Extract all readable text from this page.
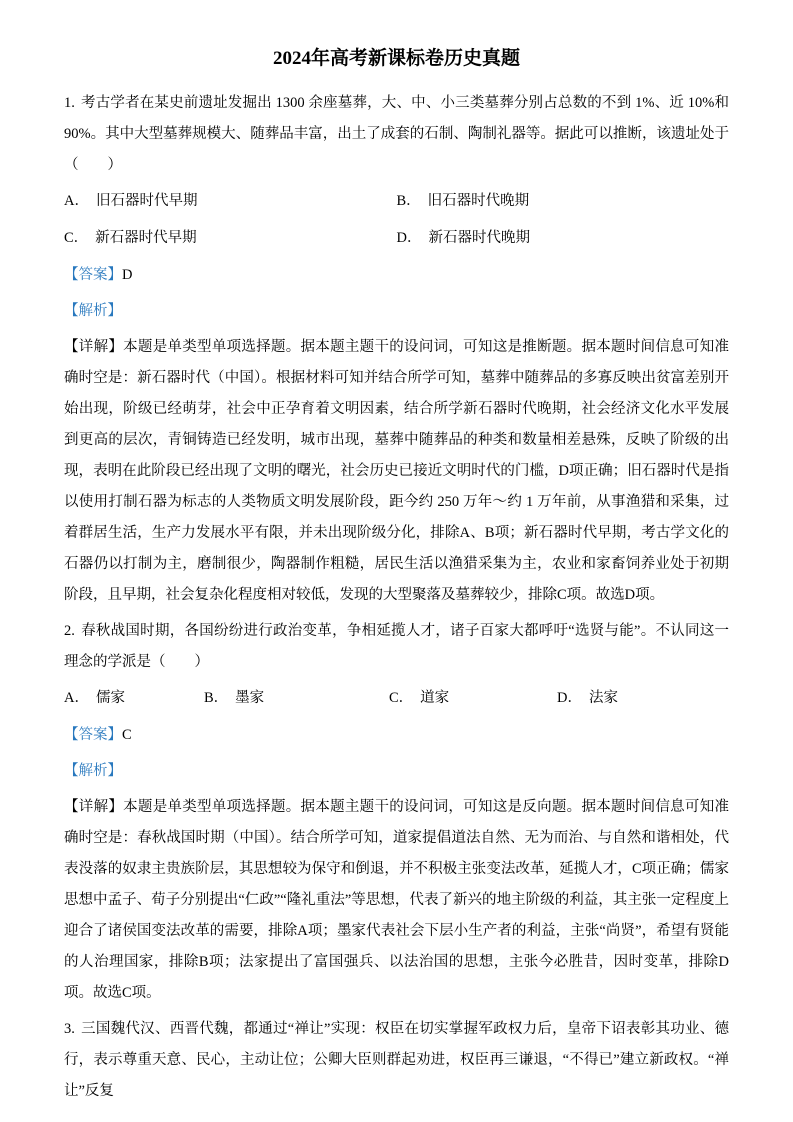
2024年高考新课标卷历史真题

1. 考古学者在某史前遗址发掘出 1300 余座墓葬，大、中、小三类墓葬分别占总数的不到 1%、近 10%和 90%。其中大型墓葬规模大、随葬品丰富，出土了成套的石制、陶制礼器等。据此可以推断，该遗址处于（　　）

A． 旧石器时代早期	B． 旧石器时代晚期

C． 新石器时代早期	D． 新石器时代晚期

【答案】D

【解析】

【详解】本题是单类型单项选择题。据本题主题干的设问词，可知这是推断题。据本题时间信息可知准确时空是：新石器时代（中国）。根据材料可知并结合所学可知，墓葬中随葬品的多寡反映出贫富差别开始出现，阶级已经萌芽，社会中正孕育着文明因素，结合所学新石器时代晚期，社会经济文化水平发展到更高的层次，青铜铸造已经发明，城市出现，墓葬中随葬品的种类和数量相差悬殊，反映了阶级的出现，表明在此阶段已经出现了文明的曙光，社会历史已接近文明时代的门槛，D项正确；旧石器时代是指以使用打制石器为标志的人类物质文明发展阶段，距今约 250 万年～约 1 万年前，从事渔猎和采集，过着群居生活，生产力发展水平有限，并未出现阶级分化，排除A、B项；新石器时代早期，考古学文化的石器仍以打制为主，磨制很少，陶器制作粗糙，居民生活以渔猎采集为主，农业和家畜饲养业处于初期阶段，且早期，社会复杂化程度相对较低，发现的大型聚落及墓葬较少，排除C项。故选D项。

2. 春秋战国时期，各国纷纷进行政治变革，争相延揽人才，诸子百家大都呼吁“选贤与能”。不认同这一理念的学派是（　　）

A． 儒家	B． 墨家	C． 道家	D． 法家

【答案】C

【解析】

【详解】本题是单类型单项选择题。据本题主题干的设问词，可知这是反向题。据本题时间信息可知准确时空是：春秋战国时期（中国）。结合所学可知，道家提倡道法自然、无为而治、与自然和谐相处，代表没落的奴隶主贵族阶层，其思想较为保守和倒退，并不积极主张变法改革，延揽人才，C项正确；儒家思想中孟子、荀子分别提出“仁政”“隆礼重法”等思想，代表了新兴的地主阶级的利益，其主张一定程度上迎合了诸侯国变法改革的需要，排除A项；墨家代表社会下层小生产者的利益，主张“尚贤”，希望有贤能的人治理国家，排除B项；法家提出了富国强兵、以法治国的思想，主张今必胜昔，因时变革，排除D项。故选C项。

3. 三国魏代汉、西晋代魏，都通过“禅让”实现：权臣在切实掌握军政权力后，皇帝下诏表彰其功业、德行，表示尊重天意、民心，主动让位；公卿大臣则群起劝进，权臣再三谦退，“不得已”建立新政权。“禅让”反复
